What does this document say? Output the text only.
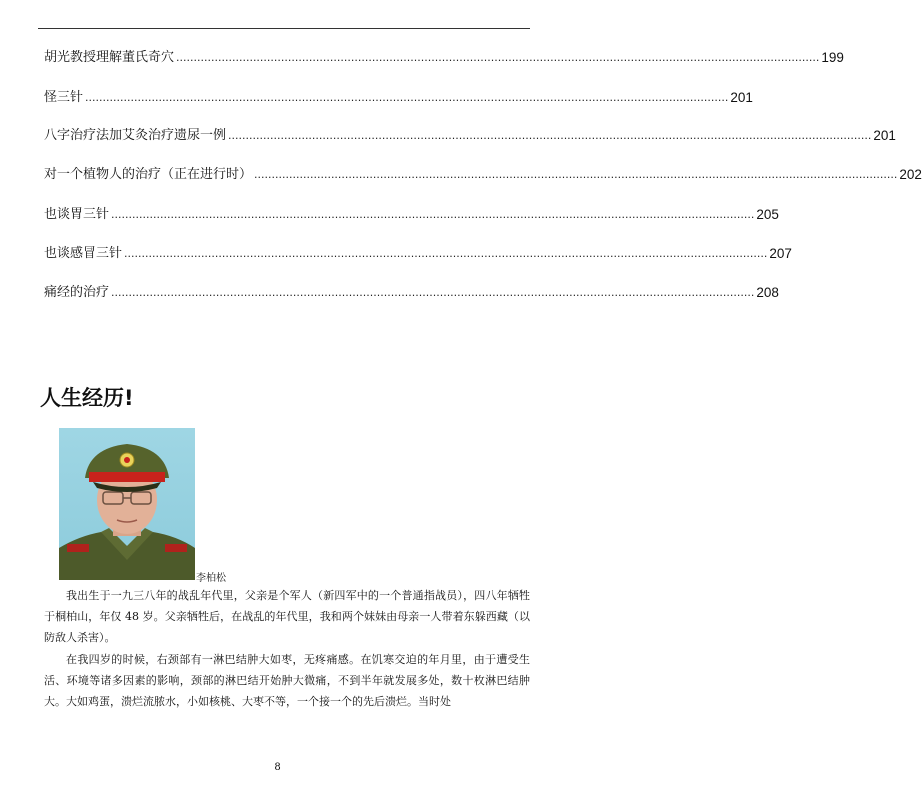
胡光教授理解董氏奇穴 ........................................................................................................................................................................................ 199
怪三针 ........................................................................................................................................................................................ 201
八字治疗法加艾灸治疗遗尿一例 ........................................................................................................................................................................................ 201
对一个植物人的治疗（正在进行时） ........................................................................................................................................................................................ 202
也谈胃三针 ........................................................................................................................................................................................ 205
也谈感冒三针 ........................................................................................................................................................................................ 207
痛经的治疗 ........................................................................................................................................................................................ 208
人生经历!
李柏松

我出生于一九三八年的战乱年代里，父亲是个军人（新四军中的一个普通指战员），四八年牺牲于桐柏山，年仅 48 岁。父亲牺牲后，在战乱的年代里，我和两个妹妹由母亲一人带着东躲西藏（以防敌人杀害）。

在我四岁的时候，右颈部有一淋巴结肿大如枣，无疼痛感。在饥寒交迫的年月里，由于遭受生活、环境等诸多因素的影响，颈部的淋巴结开始肿大微痛，不到半年就发展多处，数十枚淋巴结肿大。大如鸡蛋，溃烂流脓水，小如核桃、大枣不等，一个接一个的先后溃烂。当时处

8
